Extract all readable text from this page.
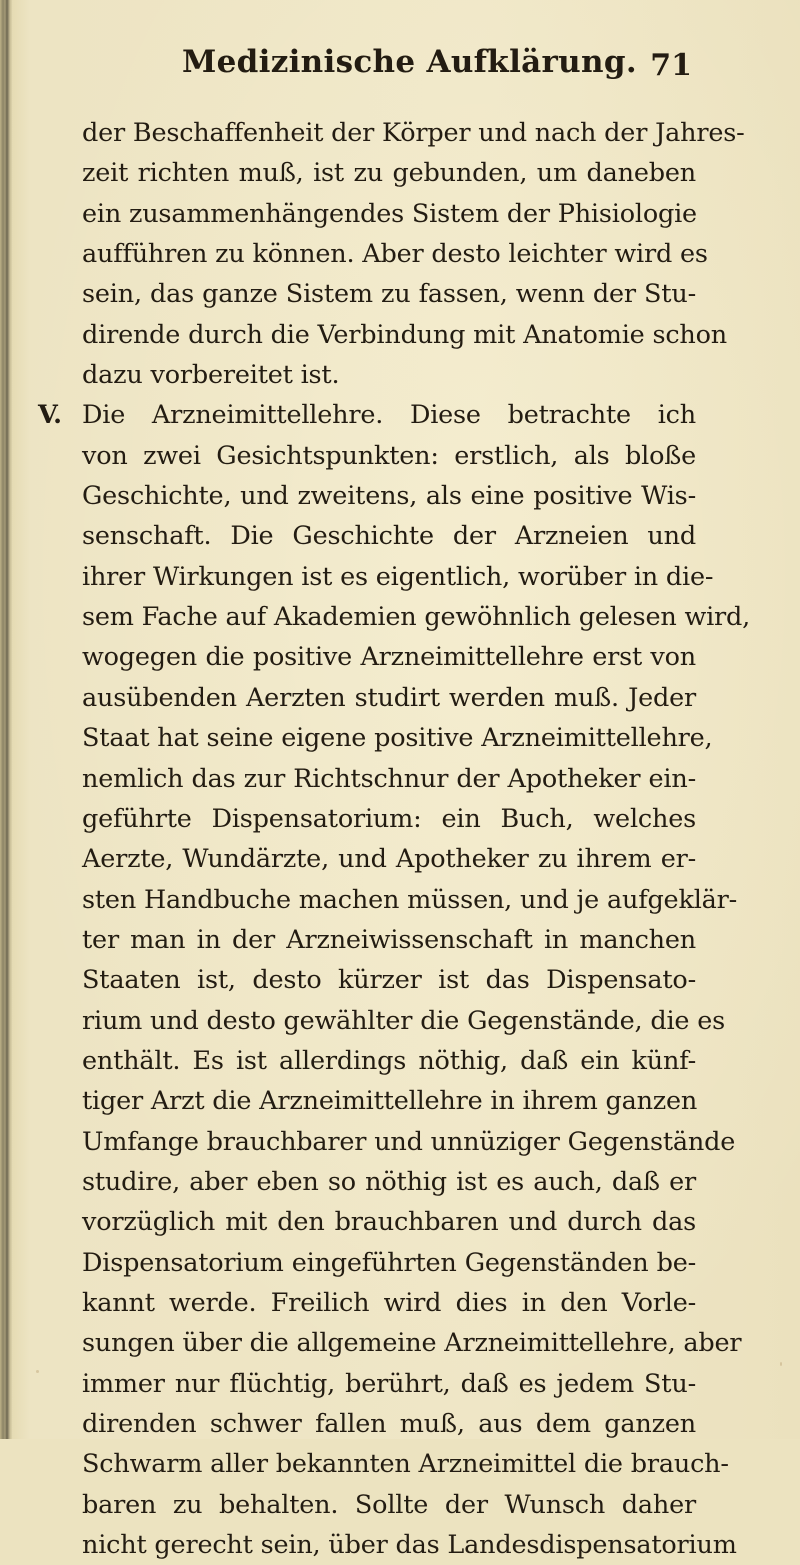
Medizinische Aufklärung. 71
der Beschaffenheit der Körper und nach der Jahres-
zeit richten muß, ist zu gebunden, um daneben
ein zusammenhängendes Sistem der Phisiologie
aufführen zu können. Aber desto leichter wird es
sein, das ganze Sistem zu fassen, wenn der Stu-
dirende durch die Verbindung mit Anatomie schon
dazu vorbereitet ist.
V. Die Arzneimittellehre. Diese betrachte ich
von zwei Gesichtspunkten: erstlich, als bloße
Geschichte, und zweitens, als eine positive Wis-
senschaft. Die Geschichte der Arzneien und
ihrer Wirkungen ist es eigentlich, worüber in die-
sem Fache auf Akademien gewöhnlich gelesen wird,
wogegen die positive Arzneimittellehre erst von
ausübenden Aerzten studirt werden muß. Jeder
Staat hat seine eigene positive Arzneimittellehre,
nemlich das zur Richtschnur der Apotheker ein-
geführte Dispensatorium: ein Buch, welches
Aerzte, Wundärzte, und Apotheker zu ihrem er-
sten Handbuche machen müssen, und je aufgeklär-
ter man in der Arzneiwissenschaft in manchen
Staaten ist, desto kürzer ist das Dispensato-
rium und desto gewählter die Gegenstände, die es
enthält. Es ist allerdings nöthig, daß ein künf-
tiger Arzt die Arzneimittellehre in ihrem ganzen
Umfange brauchbarer und unnüziger Gegenstände
studire, aber eben so nöthig ist es auch, daß er
vorzüglich mit den brauchbaren und durch das
Dispensatorium eingeführten Gegenständen be-
kannt werde. Freilich wird dies in den Vorle-
sungen über die allgemeine Arzneimittellehre, aber
immer nur flüchtig, berührt, daß es jedem Stu-
direnden schwer fallen muß, aus dem ganzen
Schwarm aller bekannten Arzneimittel die brauch-
baren zu behalten. Sollte der Wunsch daher
nicht gerecht sein, über das Landesdispensatorium
